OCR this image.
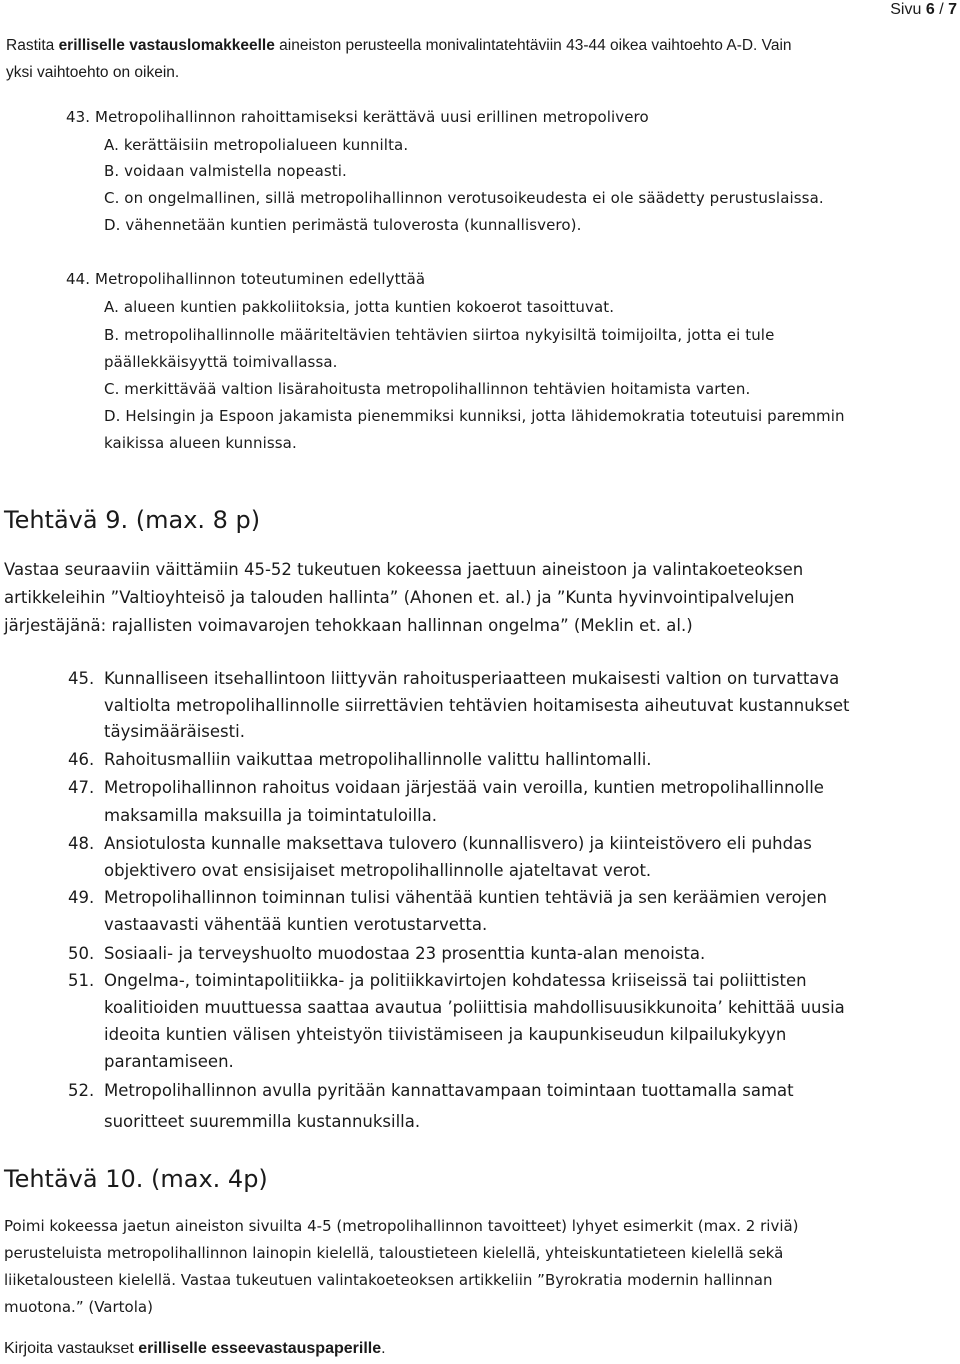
Sivu 6 / 7
Rastita erilliselle vastauslomakkeelle aineiston perusteella monivalintatehtäviin 43-44 oikea vaihtoehto A-D. Vain
yksi vaihtoehto on oikein.
43. Metropolihallinnon rahoittamiseksi kerättävä uusi erillinen metropolivero
A. kerättäisiin metropolialueen kunnilta.
B. voidaan valmistella nopeasti.
C. on ongelmallinen, sillä metropolihallinnon verotusoikeudesta ei ole säädetty perustuslaissa.
D. vähennetään kuntien perimästä tuloverosta (kunnallisvero).
44. Metropolihallinnon toteutuminen edellyttää
A. alueen kuntien pakkoliitoksia, jotta kuntien kokoerot tasoittuvat.
B. metropolihallinnolle määriteltävien tehtävien siirtoa nykyisiltä toimijoilta, jotta ei tule
päällekkäisyyttä toimivallassa.
C. merkittävää valtion lisärahoitusta metropolihallinnon tehtävien hoitamista varten.
D. Helsingin ja Espoon jakamista pienemmiksi kunniksi, jotta lähidemokratia toteutuisi paremmin
kaikissa alueen kunnissa.
Tehtävä 9. (max. 8 p)
Vastaa seuraaviin väittämiin 45-52 tukeutuen kokeessa jaettuun aineistoon ja valintakoeteoksen
artikkeleihin ”Valtioyhteisö ja talouden hallinta” (Ahonen et. al.) ja ”Kunta hyvinvointipalvelujen
järjestäjänä: rajallisten voimavarojen tehokkaan hallinnan ongelma” (Meklin et. al.)
45. Kunnalliseen itsehallintoon liittyvän rahoitusperiaatteen mukaisesti valtion on turvattava
valtiolta metropolihallinnolle siirrettävien tehtävien hoitamisesta aiheutuvat kustannukset
täysimääräisesti.
46. Rahoitusmalliin vaikuttaa metropolihallinnolle valittu hallintomalli.
47. Metropolihallinnon rahoitus voidaan järjestää vain veroilla, kuntien metropolihallinnolle
maksamilla maksuilla ja toimintatuloilla.
48. Ansiotulosta kunnalle maksettava tulovero (kunnallisvero) ja kiinteistövero eli puhdas
objektivero ovat ensisijaiset metropolihallinnolle ajateltavat verot.
49. Metropolihallinnon toiminnan tulisi vähentää kuntien tehtäviä ja sen keräämien verojen
vastaavasti vähentää kuntien verotustarvetta.
50. Sosiaali- ja terveyshuolto muodostaa 23 prosenttia kunta-alan menoista.
51. Ongelma-, toimintapolitiikka- ja politiikkavirtojen kohdatessa kriiseissä tai poliittisten
koalitioiden muuttuessa saattaa avautua ’poliittisia mahdollisuusikkunoita’ kehittää uusia
ideoita kuntien välisen yhteistyön tiivistämiseen ja kaupunkiseudun kilpailukykyyn
parantamiseen.
52. Metropolihallinnon avulla pyritään kannattavampaan toimintaan tuottamalla samat
suoritteet suuremmilla kustannuksilla.
Tehtävä 10. (max. 4p)
Poimi kokeessa jaetun aineiston sivuilta 4-5 (metropolihallinnon tavoitteet) lyhyet esimerkit (max. 2 riviä)
perusteluista metropolihallinnon lainopin kielellä, taloustieteen kielellä, yhteiskuntatieteen kielellä sekä
liiketalousteen kielellä. Vastaa tukeutuen valintakoeteoksen artikkeliin ”Byrokratia modernin hallinnan
muotona.” (Vartola)
Kirjoita vastaukset erilliselle esseevastauspaperille.
